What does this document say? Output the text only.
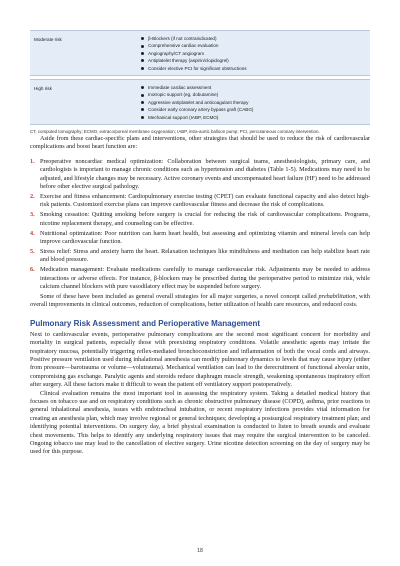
Moderate risk	β-Blockers (if not contraindicated)
Comprehensive cardiac evaluation
Angiography/CT angiogram
Antiplatelet therapy (aspirin/clopidogrel)
Consider elective PCI for significant obstructions
High risk	Immediate cardiac assessment
Inotropic support (eg, dobutamine)
Aggressive antiplatelet and anticoagulant therapy
Consider early coronary artery bypass graft (CABG)
Mechanical support (IABP, ECMO)

CT, computed tomography; ECMO, extracorporeal membrane oxygenation; IABP, intra-aortic balloon pump; PCI, percutaneous coronary intervention.

Aside from these cardiac-specific plans and interventions, other strategies that should be used to reduce the risk of cardiovascular complications and boost heart function are:

1. Preoperative noncardiac medical optimization: Collaboration between surgical teams, anesthesiologists, primary care, and cardiologists is important to manage chronic conditions such as hypertension and diabetes (Table 1-5). Medications may need to be adjusted, and lifestyle changes may be necessary. Active coronary events and uncompensated heart failure (HF) need to be addressed before other elective surgical pathology.
2. Exercise and fitness enhancement: Cardiopulmonary exercise testing (CPET) can evaluate functional capacity and also detect high-risk patients. Customized exercise plans can improve cardiovascular fitness and decrease the risk of complications.
3. Smoking cessation: Quitting smoking before surgery is crucial for reducing the risk of cardiovascular complications. Programs, nicotine replacement therapy, and counseling can be effective.
4. Nutritional optimization: Poor nutrition can harm heart health, but assessing and optimizing vitamin and mineral levels can help improve cardiovascular function.
5. Stress relief: Stress and anxiety harm the heart. Relaxation techniques like mindfulness and meditation can help stabilize heart rate and blood pressure.
6. Medication management: Evaluate medications carefully to manage cardiovascular risk. Adjustments may be needed to address interactions or adverse effects. For instance, β-blockers may be prescribed during the perioperative period to minimize risk, while calcium channel blockers with pure vasodilatory effect may be suspended before surgery.

Some of these have been included as general overall strategies for all major surgeries, a novel concept called prehabilitation, with overall improvements in clinical outcomes, reduction of complications, better utilization of health care resources, and reduced costs.

Pulmonary Risk Assessment and Perioperative Management

Next to cardiovascular events, perioperative pulmonary complications are the second most significant concern for morbidity and mortality in surgical patients, especially those with preexisting respiratory conditions. Volatile anesthetic agents may irritate the respiratory mucosa, potentially triggering reflex-mediated bronchoconstriction and inflammation of both the vocal cords and airways. Positive pressure ventilation used during inhalational anesthesia can modify pulmonary dynamics to levels that may cause injury (either from pressure—barotrauma or volume—volutrauma). Mechanical ventilation can lead to the derecruitment of functional alveolar units, compromising gas exchange. Paralytic agents and steroids reduce diaphragm muscle strength, weakening spontaneous inspiratory effort after surgery. All these factors make it difficult to wean the patient off ventilatory support postoperatively.

Clinical evaluation remains the most important tool in assessing the respiratory system. Taking a detailed medical history that focuses on tobacco use and on respiratory conditions such as chronic obstructive pulmonary disease (COPD), asthma, prior reactions to general inhalational anesthesia, issues with endotracheal intubation, or recent respiratory infections provides vital information for creating an anesthesia plan, which may involve regional or general techniques; developing a postsurgical respiratory treatment plan; and identifying potential interventions. On surgery day, a brief physical examination is conducted to listen to breath sounds and evaluate chest movements. This helps to identify any underlying respiratory issues that may require the surgical intervention to be canceled. Ongoing tobacco use may lead to the cancellation of elective surgery. Urine nicotine detection screening on the day of surgery may be used for this purpose.

18
